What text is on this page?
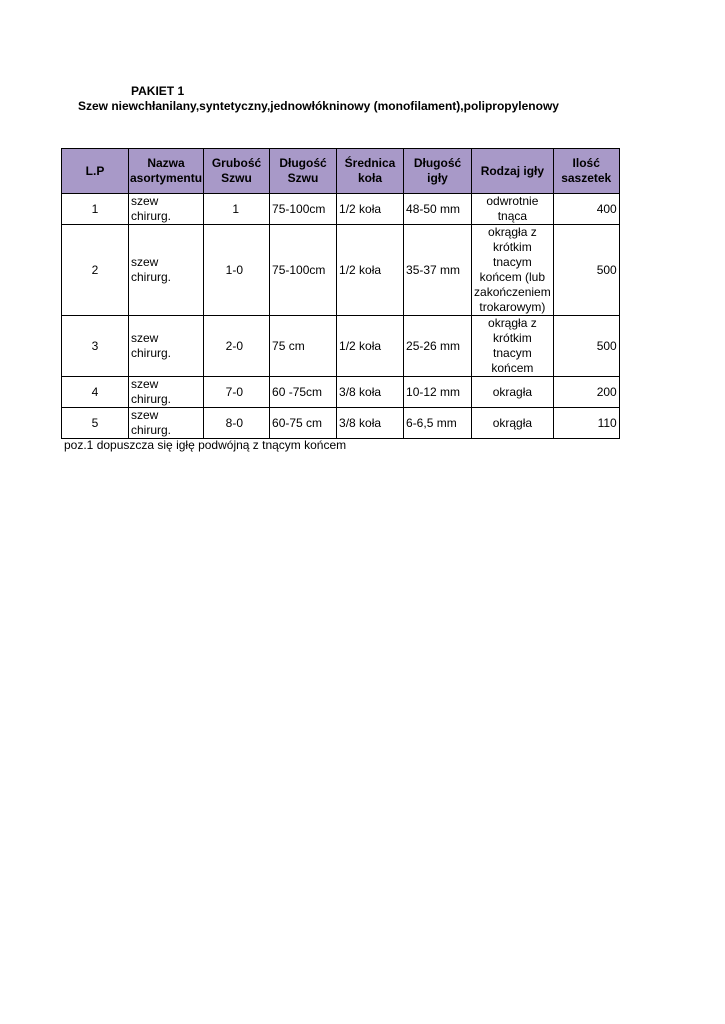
PAKIET 1
Szew niewchłanilany,syntetyczny,jednowłókninowy (monofilament),polipropylenowy
L.P	Nazwa asortymentu	Grubość Szwu	Długość Szwu	Średnica koła	Długość igły	Rodzaj igły	Ilość saszetek
1	szew chirurg.	1	75-100cm	1/2 koła	48-50 mm	odwrotnie tnąca	400
2	szew chirurg.	1-0	75-100cm	1/2 koła	35-37 mm	okrągła z krótkim tnacym końcem (lub zakończeniem trokarowym)	500
3	szew chirurg.	2-0	75 cm	1/2 koła	25-26 mm	okrągła z krótkim tnacym końcem	500
4	szew chirurg.	7-0	60 -75cm	3/8 koła	10-12 mm	okragła	200
5	szew chirurg.	8-0	60-75 cm	3/8 koła	6-6,5 mm	okrągła	110
poz.1 dopuszcza się igłę podwójną z tnącym końcem
